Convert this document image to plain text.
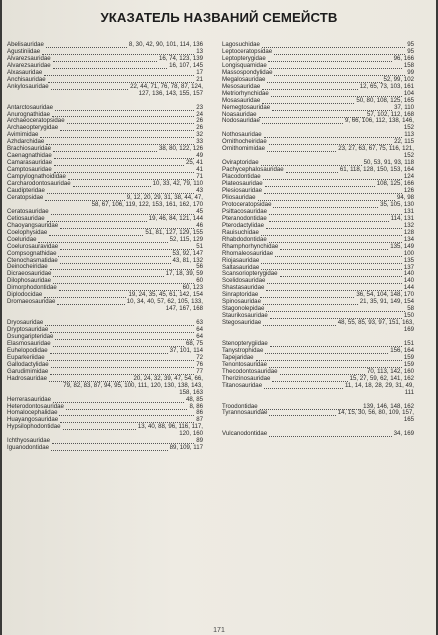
УКАЗАТЕЛЬ НАЗВАНИЙ СЕМЕЙСТВ
Abelisauridae	8, 30, 42, 90, 101, 114, 136
Agustiniidae	13
Alvarezsauridae	16, 74, 123, 139
Alvarezsauridae	16, 107, 145
Alxasauridae	17
Anchisauridae	21
Ankylosauridae	22, 44, 71, 76, 78, 87, 124,
127, 136, 143, 155, 157
Antarctosauridae	23
Anurognathidae	24
Archaeoceratopsidae	26
Archaeopterygidae	26
Avimimidae	32
Azhdarchidae	33
Brachiosauridae	38, 80, 122, 126
Caenagnathidae	49
Camarasauridae	25, 41
Camptosauridae	41
Campylognathoididae	71
Carcharodontosauridae	10, 33, 42, 79, 110
Caudipteridae	43
Ceratopsidae	9, 12, 20, 29, 31, 38, 44, 47,
58, 67, 106, 119, 122, 153, 161, 162, 170
Ceratosauridae	45
Cetiosauridae	19, 46, 84, 121, 144
Chaoyangsauridae	46
Coelophysidae	51, 81, 127, 129, 155
Coeluridae	52, 115, 129
Coelurosauravidae	51
Compsognathidae	53, 92, 147
Ctenochasmatidae	43, 81, 132
Deinocheiridae	56
Dicraeosauridae	17, 18, 39, 59
Dilophosauridae	60
Dimorphodontidae	60, 123
Diplodocidae	19, 24, 35, 45, 61, 142, 154
Dromaeosauridae	10, 34, 40, 57, 62, 105, 133,
147, 167, 168
Dryosauridae	63
Dryptosauridae	64
Dsungaripteridae	64
Elasmosauridae	68, 75
Euhelopodidae	37, 101, 114
Euparkeriidae	72
Gallodactylidae	76
Garudimimidae	77
Hadrosauridae	20, 24, 32, 39, 47, 54, 66,
79, 82, 83, 87, 94, 95, 100, 111, 120, 130, 138, 143,
158, 163
Herrerasauridae	48, 85
Heterodontosauridae	8, 86
Homalocephalidae	86
Huayangosauridae	87
Hypsilophodontidae	13, 40, 88, 96, 116, 117,
120, 160
Ichthyosauridae	89
Iguanodontidae	89, 109, 117
Lagosuchidae	95
Leptoceratopsidae	95
Leptopterygidae	96, 166
Longisquamidae	158
Massospondylidae	99
Megalosauridae	52, 99, 102
Mesosauridae	12, 65, 73, 103, 161
Metriorhynchidae	104
Mosasauridae	50, 80, 108, 125, 165
Nemegtosauridae	37, 110
Noasauridae	57, 102, 112, 168
Nodosauridae	9, 66, 106, 112, 138, 146,
152
Nothosauridae	113
Ornithocheiridae	22, 115
Ornithomimidae	23, 27, 63, 67, 75, 116, 121,
152
Oviraptoridae	50, 53, 91, 93, 118
Pachycephalosauridae	61, 118, 128, 150, 153, 164
Placodontidae	124
Plateosauridae	108, 125, 166
Plesiosauridae	126
Pliosauridae	94, 98
Protoceratopsidae	35, 105, 130
Psittacosauridae	131
Pteranodontidae	114, 131
Pterodactylidae	132
Rauisuchidae	128
Rhabdodontidae	134
Rhamphorhynchidae	135, 149
Rhomaleosauridae	100
Riojasauridae	135
Saltasauridae	137
Scansoriopterygidae	140
Scelidosauridae	140
Shastasauridae	144
Sinraptoridae	36, 54, 104, 148, 170
Spinosauridae	21, 35, 91, 149, 154
Stagonolepidae	58
Staurikosauridae	150
Stegosauridae	48, 55, 85, 93, 97, 151, 163,
169
Stenopterygiidae	151
Tanystrophidae	156, 164
Tapejaridae	159
Tenontosauridae	159
Thecodontosauridae	70, 113, 142, 160
Therizinosauridae	15, 27, 59, 62, 141, 162
Titanosauridae	11, 14, 18, 28, 29, 31, 49,
111
Troodontidae	139, 146, 148, 162
Tyrannosauridae	14, 15, 30, 56, 80, 109, 157,
165
Vulcanodontidae	34, 169
171
